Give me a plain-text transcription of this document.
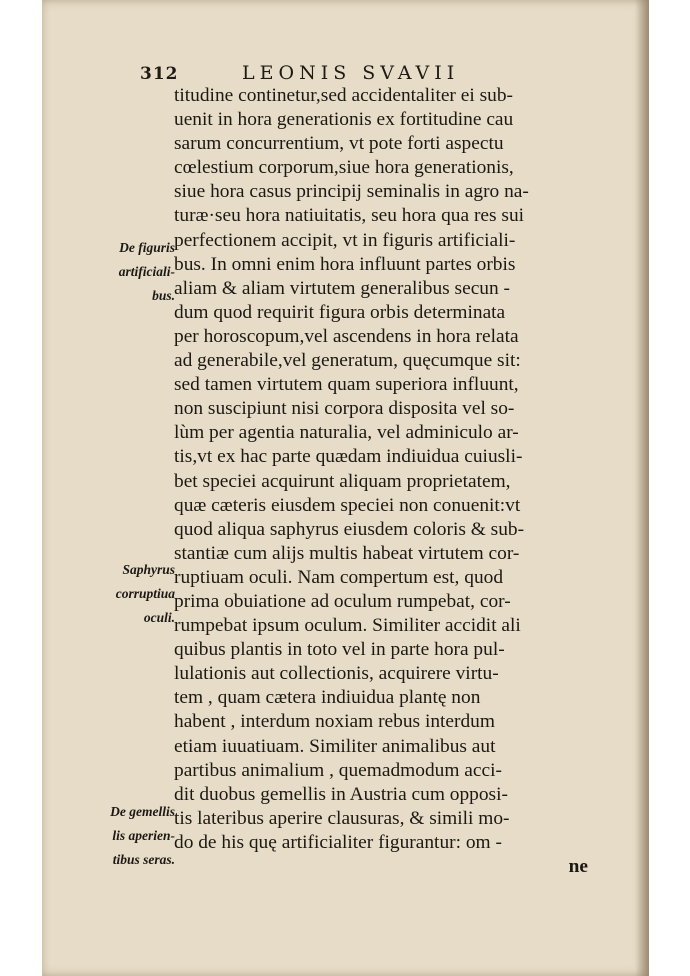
312	LEONIS SVAVII
titudine continetur,sed accidentaliter ei sub-
uenit in hora generationis ex fortitudine cau
sarum concurrentium, vt pote forti aspectu
cœlestium corporum,siue hora generationis,
siue hora casus principij seminalis in agro na-
turæ·seu hora natiuitatis, seu hora qua res sui
perfectionem accipit, vt in figuris artificiali-
bus. In omni enim hora influunt partes orbis
aliam & aliam virtutem generalibus secun -
dum quod requirit figura orbis determinata
per horoscopum,vel ascendens in hora relata
ad generabile,vel generatum, quęcumque sit:
sed tamen virtutem quam superiora influunt,
non suscipiunt nisi corpora disposita vel so-
lùm per agentia naturalia, vel adminiculo ar-
tis,vt ex hac parte quædam indiuidua cuiusli-
bet speciei acquirunt aliquam proprietatem,
quæ cæteris eiusdem speciei non conuenit:vt
quod aliqua saphyrus eiusdem coloris & sub-
stantiæ cum alijs multis habeat virtutem cor-
ruptiuam oculi. Nam compertum est, quod
prima obuiatione ad oculum rumpebat, cor-
rumpebat ipsum oculum. Similiter accidit ali
quibus plantis in toto vel in parte hora pul-
lulationis aut collectionis, acquirere virtu-
tem , quam cætera indiuidua plantę non
habent , interdum noxiam rebus interdum
etiam iuuatiuam. Similiter animalibus aut
partibus animalium , quemadmodum acci-
dit duobus gemellis in Austria cum opposi-
tis lateribus aperire clausuras, & simili mo-
do de his quę artificialiter figurantur: om -
ne
De figuris
artificiali-
bus.
Saphyrus
corruptiua
oculi.
De gemellis
lis aperien-
tibus seras.
